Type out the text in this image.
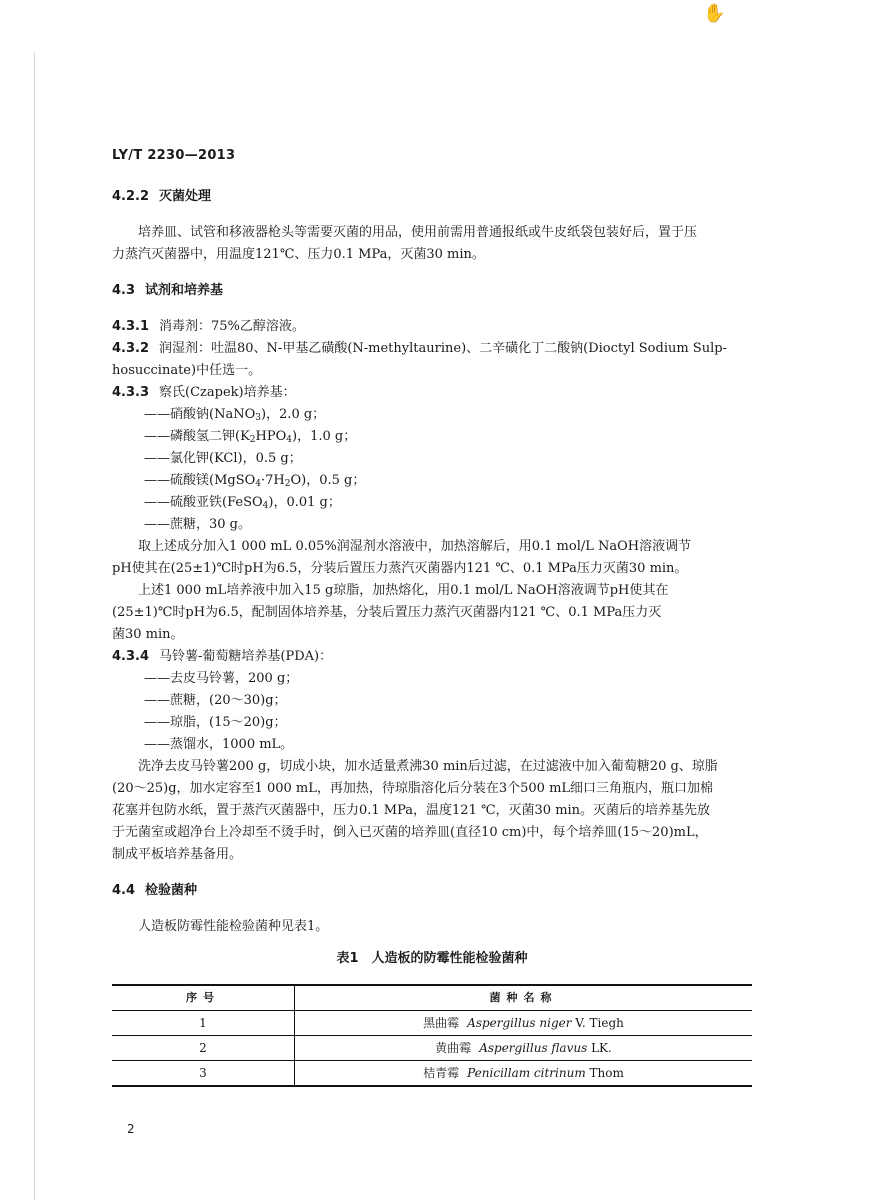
✋
LY/T 2230—2013
4.2.2 灭菌处理
培养皿、试管和移液器枪头等需要灭菌的用品，使用前需用普通报纸或牛皮纸袋包装好后，置于压
力蒸汽灭菌器中，用温度121℃、压力0.1 MPa，灭菌30 min。
4.3 试剂和培养基
4.3.1 消毒剂：75%乙醇溶液。
4.3.2 润湿剂：吐温80、N-甲基乙磺酸(N-methyltaurine)、二辛磺化丁二酸钠(Dioctyl Sodium Sulp-
hosuccinate)中任选一。
4.3.3 察氏(Czapek)培养基：
——硝酸钠(NaNO$_3$)，2.0 g；
——磷酸氢二钾$(K_2HPO_4)$，1.0 g；
——氯化钾(KCl)，0.5 g；
——硫酸镁$(MgSO_4\cdot 7H_2O)$，0.5 g；
——硫酸亚铁(FeSO$_4$)，0.01 g；
——蔗糖，30 g。
取上述成分加入1 000 mL 0.05%润湿剂水溶液中，加热溶解后，用0.1 mol/L NaOH溶液调节
pH使其在(25±1)℃时pH为6.5，分装后置压力蒸汽灭菌器内121 ℃、0.1 MPa压力灭菌30 min。
上述1 000 mL培养液中加入15 g琼脂，加热熔化，用0.1 mol/L NaOH溶液调节pH使其在
(25±1)℃时pH为6.5，配制固体培养基，分装后置压力蒸汽灭菌器内121 ℃、0.1 MPa压力灭
菌30 min。
4.3.4 马铃薯-葡萄糖培养基(PDA)：
——去皮马铃薯，200 g；
——蔗糖，(20～30)g；
——琼脂，(15～20)g；
——蒸馏水，1000 mL。
洗净去皮马铃薯200 g，切成小块，加水适量煮沸30 min后过滤，在过滤液中加入葡萄糖20 g、琼脂
(20～25)g，加水定容至1 000 mL，再加热，待琼脂溶化后分装在3个500 mL细口三角瓶内，瓶口加棉
花塞并包防水纸，置于蒸汽灭菌器中，压力0.1 MPa，温度121 ℃，灭菌30 min。灭菌后的培养基先放
于无菌室或超净台上冷却至不烫手时，倒入已灭菌的培养皿(直径10 cm)中，每个培养皿(15～20)mL，
制成平板培养基备用。
4.4 检验菌种
人造板防霉性能检验菌种见表1。
表1　人造板的防霉性能检验菌种
序号	菌种名称
1	黑曲霉 Aspergillus niger V. Tiegh
2	黄曲霉 Aspergillus flavus LK.
3	桔青霉 Penicillam citrinum Thom
2
